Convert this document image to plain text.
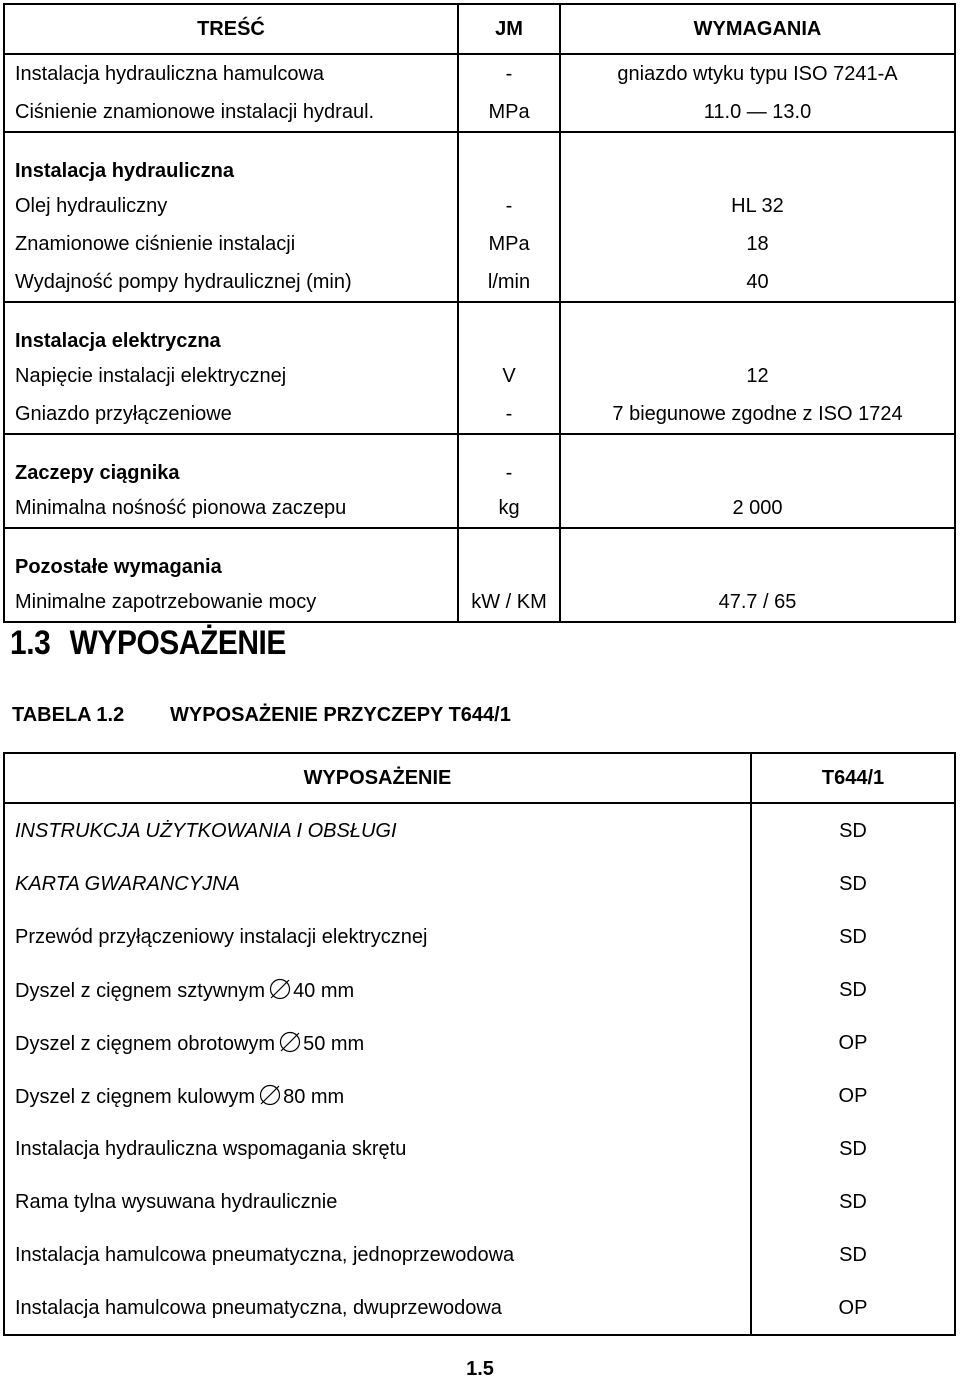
TREŚĆ	JM	WYMAGANIA
Instalacja hydrauliczna hamulcowa	-	gniazdo wtyku typu ISO 7241-A
Ciśnienie znamionowe instalacji hydraul.	MPa	11.0 — 13.0
Instalacja hydrauliczna		
Olej hydrauliczny	-	HL 32
Znamionowe ciśnienie instalacji	MPa	18
Wydajność pompy hydraulicznej (min)	l/min	40
Instalacja elektryczna		
Napięcie instalacji elektrycznej	V	12
Gniazdo przyłączeniowe	-	7 biegunowe zgodne z ISO 1724
Zaczepy ciągnika	-	
Minimalna nośność pionowa zaczepu	kg	2 000
Pozostałe wymagania		
Minimalne zapotrzebowanie mocy	kW / KM	47.7 / 65
1.3 WYPOSAŻENIE
TABELA 1.2 WYPOSAŻENIE PRZYCZEPY T644/1
WYPOSAŻENIE	T644/1
INSTRUKCJA UŻYTKOWANIA I OBSŁUGI	SD
KARTA GWARANCYJNA	SD
Przewód przyłączeniowy instalacji elektrycznej	SD
Dyszel z cięgnem sztywnym 40 mm	SD
Dyszel z cięgnem obrotowym 50 mm	OP
Dyszel z cięgnem kulowym 80 mm	OP
Instalacja hydrauliczna wspomagania skrętu	SD
Rama tylna wysuwana hydraulicznie	SD
Instalacja hamulcowa pneumatyczna, jednoprzewodowa	SD
Instalacja hamulcowa pneumatyczna, dwuprzewodowa	OP
1.5
